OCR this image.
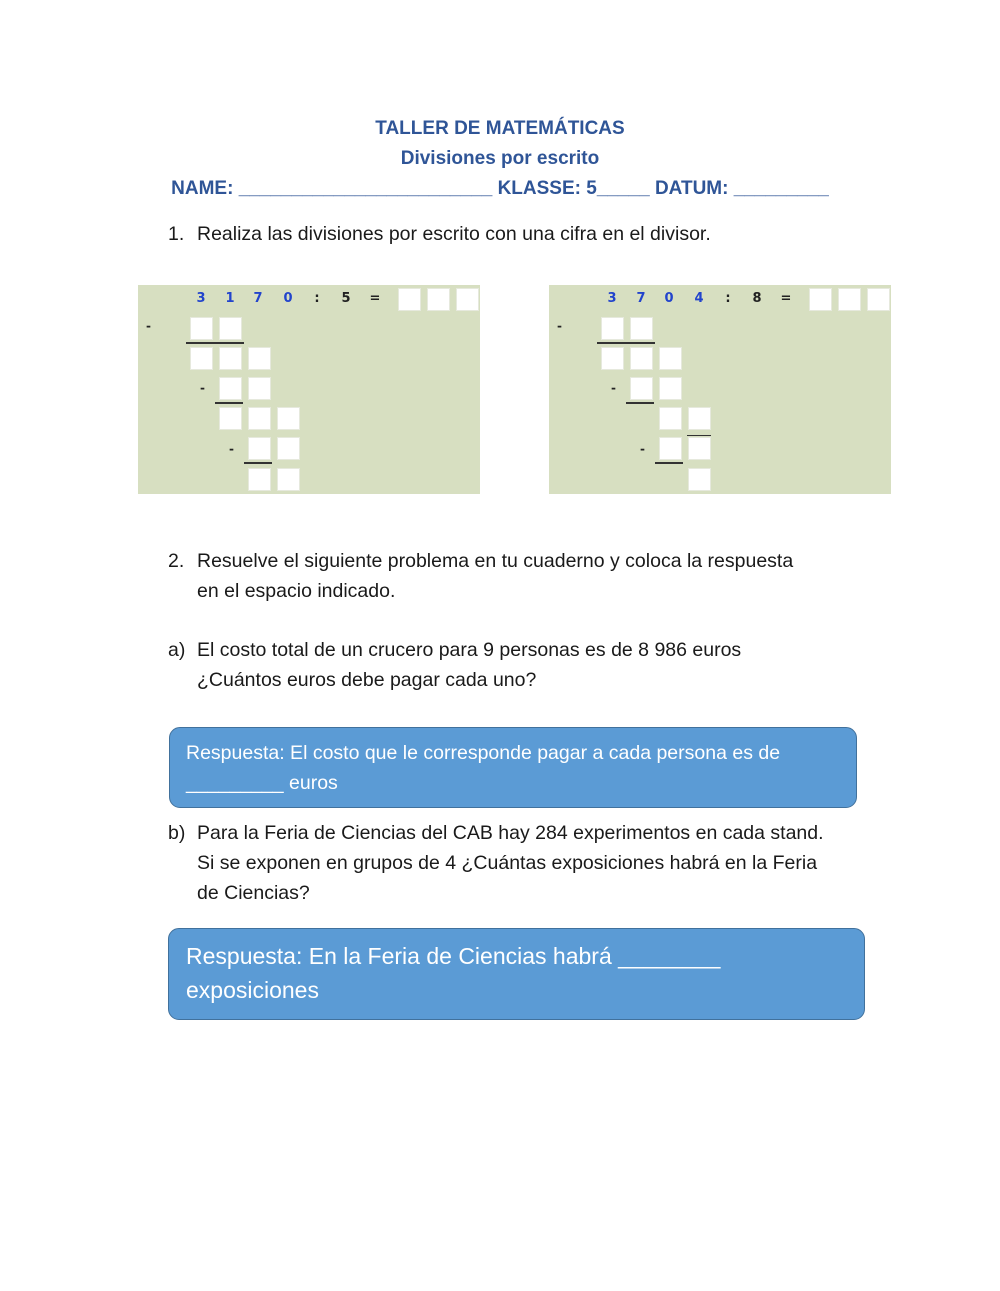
TALLER DE MATEMÁTICAS
Divisiones por escrito
NAME: ________________________ KLASSE: 5_____ DATUM: _________
1. Realiza las divisiones por escrito con una cifra en el divisor.
3 1 7 0	:	5 =
-
-
-
3 7 0 4	:	8 =
-
-
-
2. Resuelve el siguiente problema en tu cuaderno y coloca la respuesta
en el espacio indicado.
a) El costo total de un crucero para 9 personas es de 8 986 euros
¿Cuántos euros debe pagar cada uno?
Respuesta: El costo que le corresponde pagar a cada persona es de
_________ euros
b) Para la Feria de Ciencias del CAB hay 284 experimentos en cada stand.
Si se exponen en grupos de 4 ¿Cuántas exposiciones habrá en la Feria
de Ciencias?
Respuesta: En la Feria de Ciencias habrá ________
exposiciones
